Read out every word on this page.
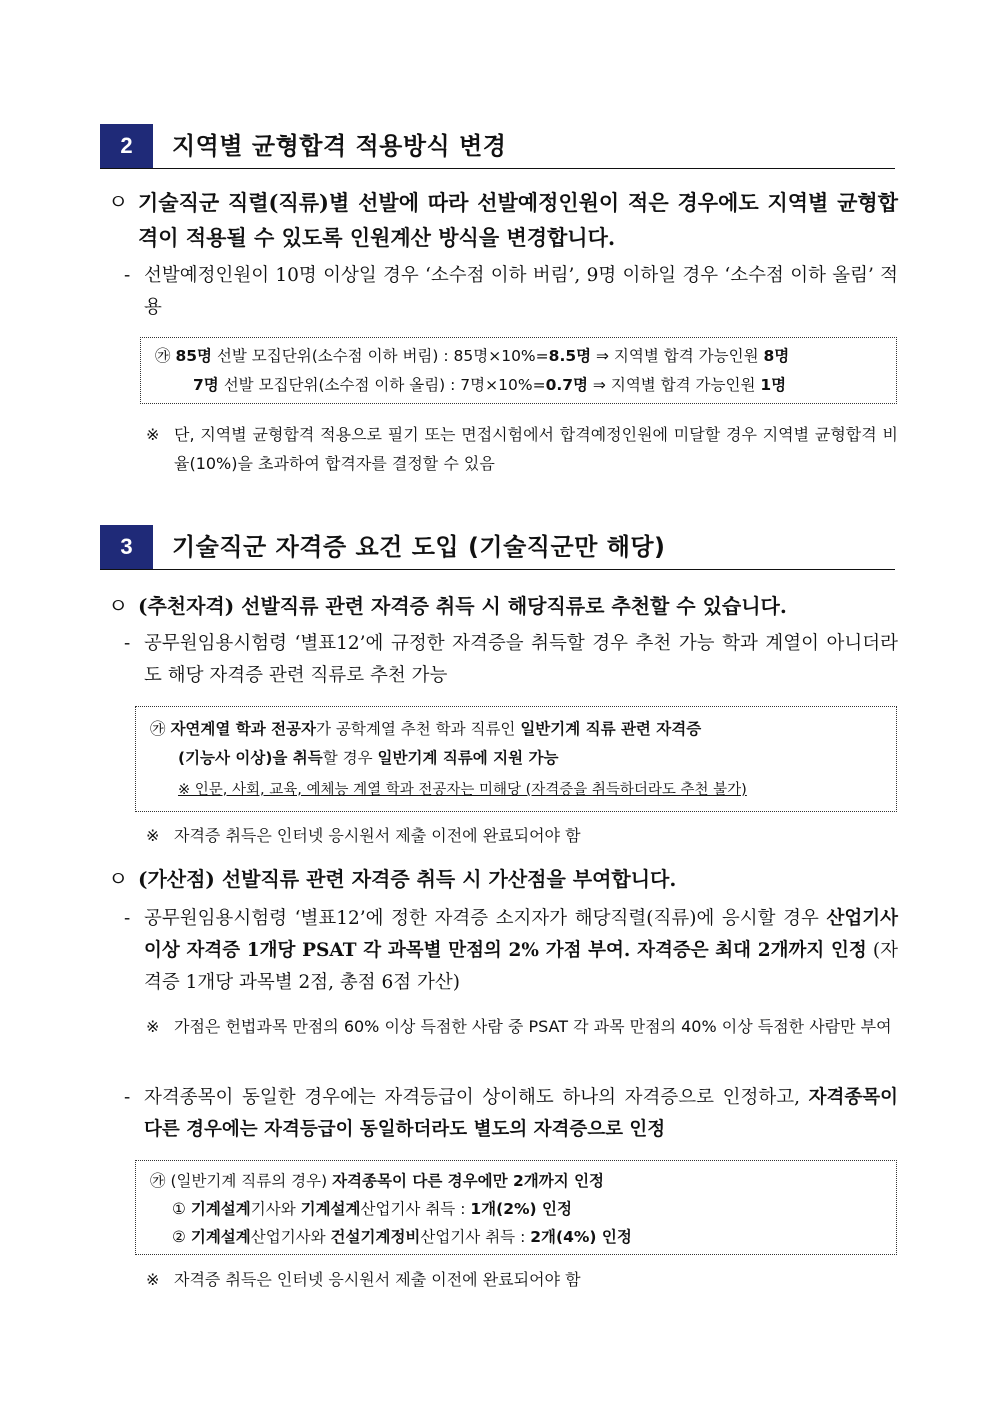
2	지역별 균형합격 적용방식 변경
ㅇ 기술직군 직렬(직류)별 선발에 따라 선발예정인원이 적은 경우에도 지역별 균형합격이 적용될 수 있도록 인원계산 방식을 변경합니다.
- 선발예정인원이 10명 이상일 경우 ‘소수점 이하 버림’, 9명 이하일 경우 ‘소수점 이하 올림’ 적용
㉮ 85명 선발 모집단위(소수점 이하 버림) : 85명×10%=8.5명 ⇒ 지역별 합격 가능인원 8명
7명 선발 모집단위(소수점 이하 올림) : 7명×10%=0.7명 ⇒ 지역별 합격 가능인원 1명
※ 단, 지역별 균형합격 적용으로 필기 또는 면접시험에서 합격예정인원에 미달할 경우 지역별 균형합격 비율(10%)을 초과하여 합격자를 결정할 수 있음
3	기술직군 자격증 요건 도입 (기술직군만 해당)
ㅇ (추천자격) 선발직류 관련 자격증 취득 시 해당직류로 추천할 수 있습니다.
- 공무원임용시험령 ‘별표12’에 규정한 자격증을 취득할 경우 추천 가능 학과 계열이 아니더라도 해당 자격증 관련 직류로 추천 가능
㉮ 자연계열 학과 전공자가 공학계열 추천 학과 직류인 일반기계 직류 관련 자격증
(기능사 이상)을 취득할 경우 일반기계 직류에 지원 가능
※ 인문, 사회, 교육, 예체능 계열 학과 전공자는 미해당 (자격증을 취득하더라도 추천 불가)
※ 자격증 취득은 인터넷 응시원서 제출 이전에 완료되어야 함
ㅇ (가산점) 선발직류 관련 자격증 취득 시 가산점을 부여합니다.
- 공무원임용시험령 ‘별표12’에 정한 자격증 소지자가 해당직렬(직류)에 응시할 경우 산업기사 이상 자격증 1개당 PSAT 각 과목별 만점의 2% 가점 부여. 자격증은 최대 2개까지 인정 (자격증 1개당 과목별 2점, 총점 6점 가산)
※ 가점은 헌법과목 만점의 60% 이상 득점한 사람 중 PSAT 각 과목 만점의 40% 이상 득점한 사람만 부여
- 자격종목이 동일한 경우에는 자격등급이 상이해도 하나의 자격증으로 인정하고, 자격종목이 다른 경우에는 자격등급이 동일하더라도 별도의 자격증으로 인정
㉮ (일반기계 직류의 경우) 자격종목이 다른 경우에만 2개까지 인정
① 기계설계기사와 기계설계산업기사 취득 : 1개(2%) 인정
② 기계설계산업기사와 건설기계정비산업기사 취득 : 2개(4%) 인정
※ 자격증 취득은 인터넷 응시원서 제출 이전에 완료되어야 함
